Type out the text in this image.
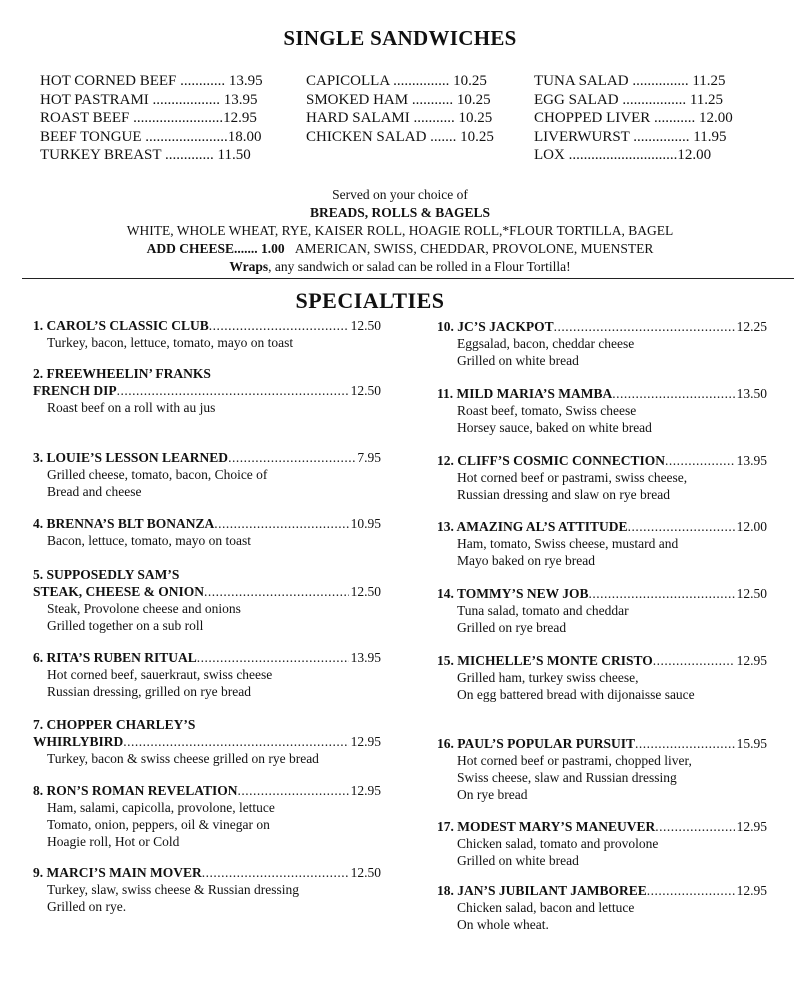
SINGLE SANDWICHES
HOT CORNED BEEF ............ 13.95
HOT PASTRAMI .................. 13.95
ROAST BEEF ........................12.95
BEEF TONGUE ......................18.00
TURKEY BREAST ............. 11.50
CAPICOLLA ............... 10.25
SMOKED HAM ........... 10.25
HARD SALAMI ........... 10.25
CHICKEN SALAD ....... 10.25
TUNA SALAD ............... 11.25
EGG SALAD ................. 11.25
CHOPPED LIVER ........... 12.00
LIVERWURST ............... 11.95
LOX .............................12.00
Served on your choice of
BREADS, ROLLS & BAGELS
WHITE, WHOLE WHEAT, RYE, KAISER ROLL, HOAGIE ROLL,*FLOUR TORTILLA, BAGEL
ADD CHEESE....... 1.00 AMERICAN, SWISS, CHEDDAR, PROVOLONE, MUENSTER
Wraps, any sandwich or salad can be rolled in a Flour Tortilla!
SPECIALTIES
1. CAROL’S CLASSIC CLUB .....	12.50
Turkey, bacon, lettuce, tomato, mayo on toast
2. FREEWHEELIN’ FRANKS
FRENCH DIP .....	12.50
Roast beef on a roll with au jus
3. LOUIE’S LESSON LEARNED .....	7.95
Grilled cheese, tomato, bacon, Choice of
Bread and cheese
4. BRENNA’S BLT BONANZA .....	10.95
Bacon, lettuce, tomato, mayo on toast
5. SUPPOSEDLY SAM’S
STEAK, CHEESE & ONION .....	12.50
Steak, Provolone cheese and onions
Grilled together on a sub roll
6. RITA’S RUBEN RITUAL .....	13.95
Hot corned beef, sauerkraut, swiss cheese
Russian dressing, grilled on rye bread
7. CHOPPER CHARLEY’S
WHIRLYBIRD .....	12.95
Turkey, bacon & swiss cheese grilled on rye bread
8. RON’S ROMAN REVELATION .....	12.95
Ham, salami, capicolla, provolone, lettuce
Tomato, onion, peppers, oil & vinegar on
Hoagie roll, Hot or Cold
9. MARCI’S MAIN MOVER .....	12.50
Turkey, slaw, swiss cheese & Russian dressing
Grilled on rye.
10. JC’S JACKPOT .....	12.25
Eggsalad, bacon, cheddar cheese
Grilled on white bread
11. MILD MARIA’S MAMBA .....	13.50
Roast beef, tomato, Swiss cheese
Horsey sauce, baked on white bread
12. CLIFF’S COSMIC CONNECTION .....	13.95
Hot corned beef or pastrami, swiss cheese,
Russian dressing and slaw on rye bread
13. AMAZING AL’S ATTITUDE .....	12.00
Ham, tomato, Swiss cheese, mustard and
Mayo baked on rye bread
14. TOMMY’S NEW JOB .....	12.50
Tuna salad, tomato and cheddar
Grilled on rye bread
15. MICHELLE’S MONTE CRISTO .....	12.95
Grilled ham, turkey swiss cheese,
On egg battered bread with dijonaisse sauce
16. PAUL’S POPULAR PURSUIT .....	15.95
Hot corned beef or pastrami, chopped liver,
Swiss cheese, slaw and Russian dressing
On rye bread
17. MODEST MARY’S MANEUVER .....	12.95
Chicken salad, tomato and provolone
Grilled on white bread
18. JAN’S JUBILANT JAMBOREE .....	12.95
Chicken salad, bacon and lettuce
On whole wheat.
